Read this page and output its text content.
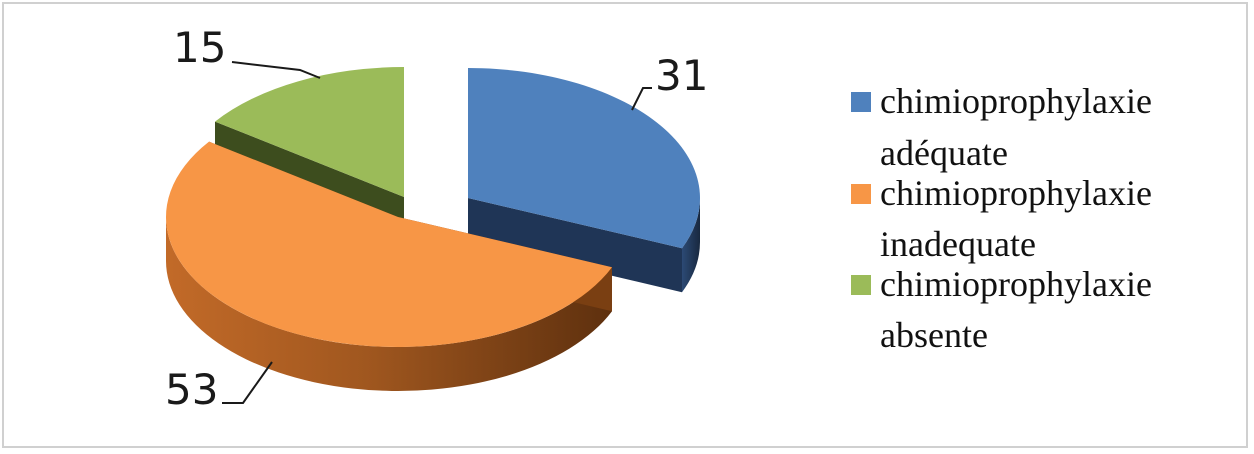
31
53
15
chimioprophylaxie
adéquate
chimioprophylaxie
inadequate
chimioprophylaxie
absente
